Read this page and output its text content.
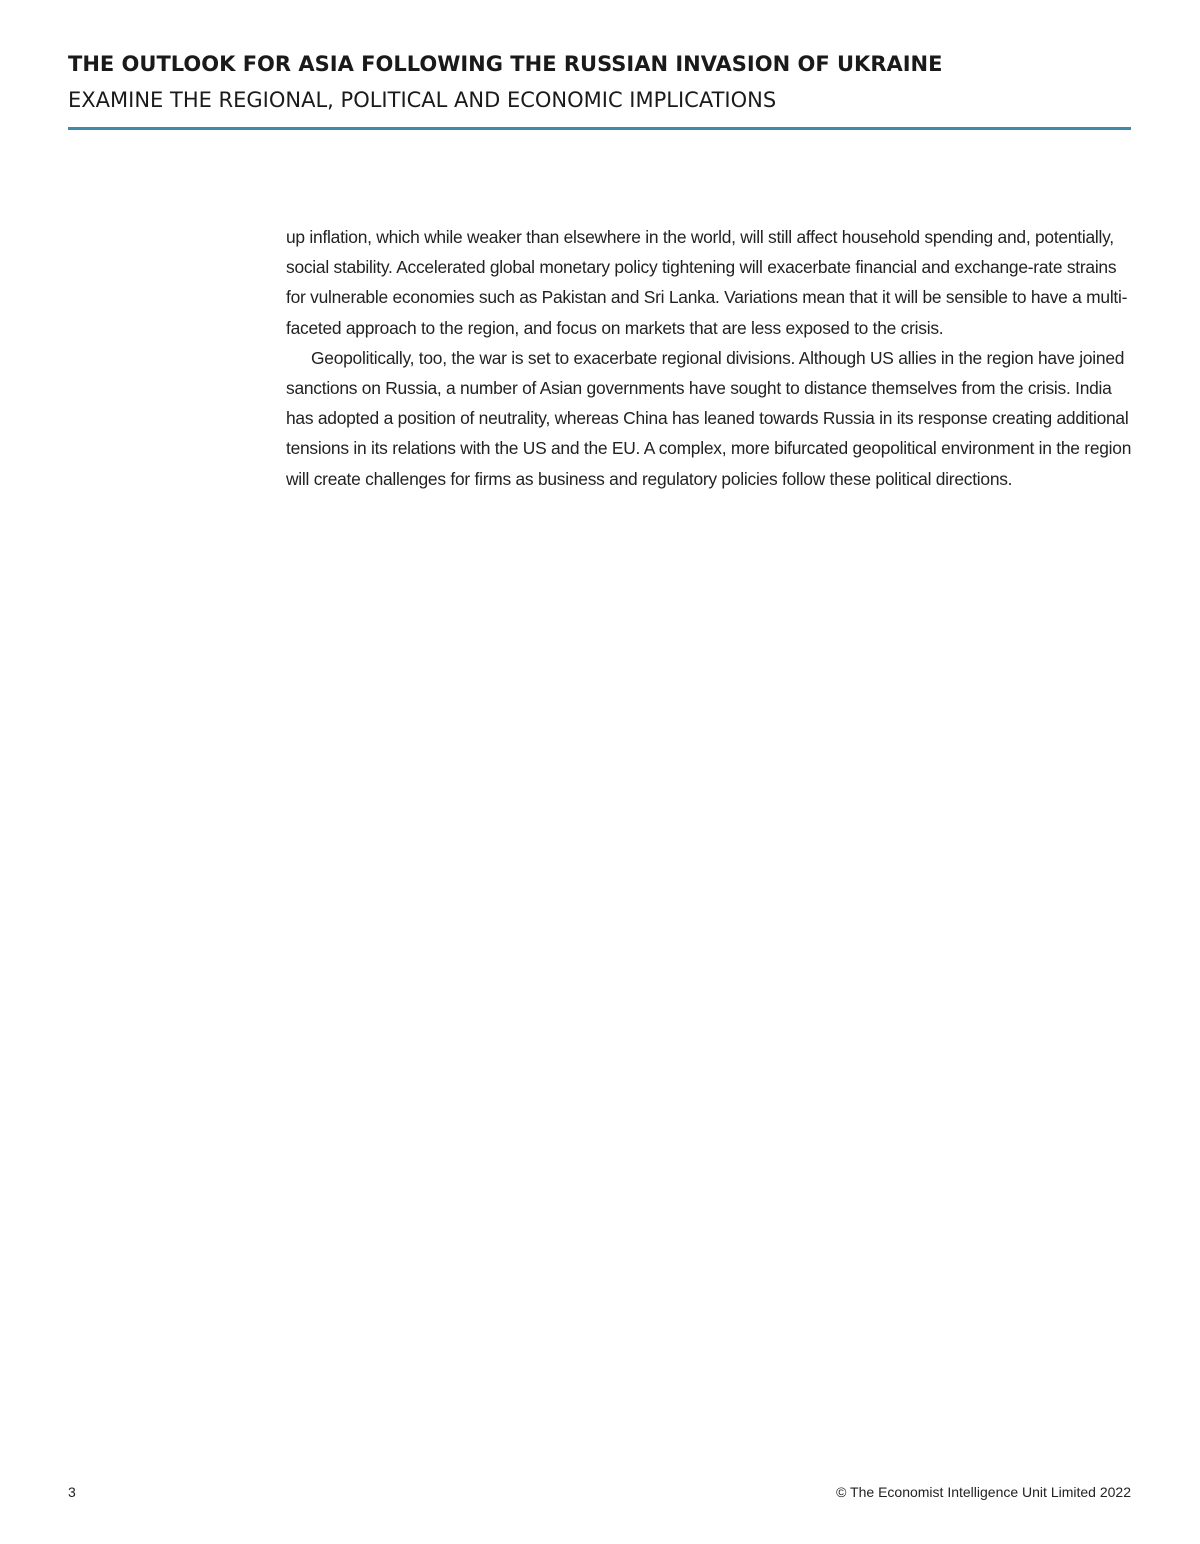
THE OUTLOOK FOR ASIA FOLLOWING THE RUSSIAN INVASION OF UKRAINE
EXAMINE THE REGIONAL, POLITICAL AND ECONOMIC IMPLICATIONS

up inflation, which while weaker than elsewhere in the world, will still affect household spending and, potentially, social stability. Accelerated global monetary policy tightening will exacerbate financial and exchange-rate strains for vulnerable economies such as Pakistan and Sri Lanka. Variations mean that it will be sensible to have a multi-faceted approach to the region, and focus on markets that are less exposed to the crisis.

Geopolitically, too, the war is set to exacerbate regional divisions. Although US allies in the region have joined sanctions on Russia, a number of Asian governments have sought to distance themselves from the crisis. India has adopted a position of neutrality, whereas China has leaned towards Russia in its response creating additional tensions in its relations with the US and the EU. A complex, more bifurcated geopolitical environment in the region will create challenges for firms as business and regulatory policies follow these political directions.

3	© The Economist Intelligence Unit Limited 2022
